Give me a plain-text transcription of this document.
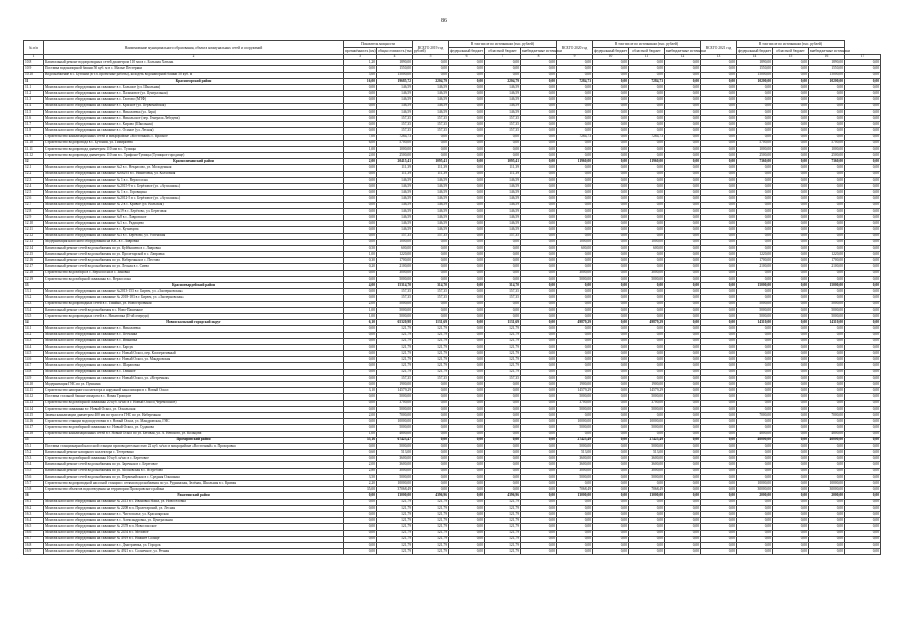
86
№ п/п	Наименование муниципального образования, объекта коммунальных сетей и сооружений	Показатель мощности		ВСЕГО 2019 год	В том числе по источникам (тыс. рублей)			ВСЕГО 2020 год	В том числе по источникам (тыс. рублей)			ВСЕГО 2021 год	В том числе по источникам (тыс. рублей)			
		протяжённость (км)	общая стоимость (тыс. рублей)		федеральный бюджет	областной бюджет	внебюджетные источники		федеральный бюджет	областной бюджет	внебюджетные источники		федеральный бюджет	областной бюджет	внебюджетные источники	

1	2	3	4	5	6	7	8	9	10	11	12	13	14	15	16	17
10.8	Капитальный ремонт водопроводных сетей диаметром 110 мм в с. Большая Хатынь	1,20	1890,00	0,00	0,00	0,00	0,00	0,00	0,00	0,00	0,00	0,00	1890,00	0,00	1890,00	0,00
10.9	Поставка водонапорной башни 50 куб. м в с. Малые Пестеряки	0,00	1550,00	0,00	0,00	0,00	0,00	0,00	0,00	0,00	0,00	0,00	1550,00	0,00	1550,00	0,00
10.10	Водоснабжение в с. Бутонии (в т.ч. проектные работы), колодезь водонапорной башни 50 куб. м	5,60	15000,00	0,00	0,00	0,00	0,00	0,00	0,00	0,00	0,00	0,00	15000,00	0,00	15000,00	0,00
11	Красногорский район	16,00	19685,72	2204,79	0,00	2204,79	0,00	7284,73	0,00	7284,73	0,00	0,00	10200,00	0,00	10200,00	0,00
11.1	Монтаж насосного оборудования на скважине в с. Большое (ул. Школьная)	0,00	146,59	146,59	0,00	146,59	0,00	0,00	0,00	0,00	0,00	0,00	0,00	0,00	0,00	0,00
11.2	Монтаж насосного оборудования на скважине в с. Пальмовое (ул. Центральная)	0,00	146,59	146,59	0,00	146,59	0,00	0,00	0,00	0,00	0,00	0,00	0,00	0,00	0,00	0,00
11.3	Монтаж насосного оборудования на скважине в с. Глотово (МТФ)	0,00	146,59	146,59	0,00	146,59	0,00	0,00	0,00	0,00	0,00	0,00	0,00	0,00	0,00	0,00
11.4	Монтаж насосного оборудования на скважине в с. Красное (ул. Первомайская)	0,00	146,59	146,59	0,00	146,59	0,00	0,00	0,00	0,00	0,00	0,00	0,00	0,00	0,00	0,00
11.5	Монтаж насосного оборудования на скважине в с. Николаевка (ул. Заря)	0,00	146,59	146,59	0,00	146,59	0,00	0,00	0,00	0,00	0,00	0,00	0,00	0,00	0,00	0,00
11.6	Монтаж насосного оборудования на скважине в с. Никольское (пер. Генерала Лебедева)	0,00	157,35	157,35	0,00	157,35	0,00	0,00	0,00	0,00	0,00	0,00	0,00	0,00	0,00	0,00
11.7	Монтаж насосного оборудования на скважине в с. Кирово (Школьная)	0,00	157,35	157,35	0,00	157,35	0,00	0,00	0,00	0,00	0,00	0,00	0,00	0,00	0,00	0,00
11.8	Монтаж насосного оборудования на скважине в с. Осиное (ул. Лесная)	0,00	157,35	157,35	0,00	157,35	0,00	0,00	0,00	0,00	0,00	0,00	0,00	0,00	0,00	0,00
11.9	Строительство канализационных сетей и микрорайоне «Восточный» с. Красное	7,00	7284,73	0,00	0,00	0,00	0,00	7284,73	0,00	7284,73	0,00	0,00	0,00	0,00	0,00	0,00
11.10	Строительство водопровода в с. Бутонии, ул. Тимирязева	6,00	5700,00	0,00	0,00	0,00	0,00	0,00	0,00	0,00	0,00	0,00	5700,00	0,00	5700,00	0,00
11.11	Строительство водопровода диаметром 110 мм в с. Тупицы	1,00	1000,00	0,00	0,00	0,00	0,00	0,00	0,00	0,00	0,00	0,00	1000,00	0,00	1000,00	0,00
11.12	Строительство водопровода диаметром 110 мм в с. Трифоно-Тупицы (Тупицкое городище)	2,00	2500,00	0,00	0,00	0,00	0,00	0,00	0,00	0,00	0,00	0,00	2500,00	0,00	2500,00	0,00
12	Краснолиманский район	2,00	20415,41	1095,41	0,00	1095,41	0,00	11960,00	0,00	11960,00	0,00	0,00	7360,00	0,00	7360,00	0,00
12.1	Монтаж насосного оборудования на скважине №2 в с. Некрасово, ул. Молодежная	0,00	111,39	111,39	0,00	111,39	0,00	0,00	0,00	0,00	0,00	0,00	0,00	0,00	0,00	0,00
12.2	Монтаж насосного оборудования на скважине №66293 в с. Никитовка, ул. Колхозная	0,00	111,39	111,39	0,00	111,39	0,00	0,00	0,00	0,00	0,00	0,00	0,00	0,00	0,00	0,00
12.3	Монтаж насосного оборудования на скважине № 1 в с. Верхососна	0,00	146,59	146,59	0,00	146,59	0,00	0,00	0,00	0,00	0,00	0,00	0,00	0,00	0,00	0,00
12.4	Монтаж насосного оборудования на скважине №2015-9 в с. Берёзовое (ул. «Ауэлашон»)	0,00	146,59	146,59	0,00	146,59	0,00	0,00	0,00	0,00	0,00	0,00	0,00	0,00	0,00	0,00
12.5	Монтаж насосного оборудования на скважине № 1 в с. Горовщина	0,00	146,59	146,59	0,00	146,59	0,00	0,00	0,00	0,00	0,00	0,00	0,00	0,00	0,00	0,00
12.6	Монтаж насосного оборудования на скважине №2012-5 в с. Берёзовое (ул. «Ауэлашон»)	0,00	146,59	146,59	0,00	146,59	0,00	0,00	0,00	0,00	0,00	0,00	0,00	0,00	0,00	0,00
12.7	Монтаж насосного оборудования на скважине № 2 в с. Кривое (ул. Вольская)	0,00	146,59	146,59	0,00	146,59	0,00	0,00	0,00	0,00	0,00	0,00	0,00	0,00	0,00	0,00
12.8	Монтаж насосного оборудования на скважине №19 в с. Берёзово, ул. Береговая	0,00	146,59	146,59	0,00	146,59	0,00	0,00	0,00	0,00	0,00	0,00	0,00	0,00	0,00	0,00
12.9	Монтаж насосного оборудования на скважине №8 в с. Лавровское	0,00	146,59	146,59	0,00	146,59	0,00	0,00	0,00	0,00	0,00	0,00	0,00	0,00	0,00	0,00
12.10	Монтаж насосного оборудования на скважине №1 в с. Радищево	0,00	146,59	146,59	0,00	146,59	0,00	0,00	0,00	0,00	0,00	0,00	0,00	0,00	0,00	0,00
12.11	Монтаж насосного оборудования на скважине в с. Кузнецова	0,00	146,59	146,59	0,00	146,59	0,00	0,00	0,00	0,00	0,00	0,00	0,00	0,00	0,00	0,00
12.12	Монтаж насосного оборудования на скважине №3 в с. Берёзово, ул. Успенская	0,00	157,35	157,35	0,00	157,35	0,00	0,00	0,00	0,00	0,00	0,00	0,00	0,00	0,00	0,00
12.13	Модернизация насосного оборудования на ВЗС в с. Лавровка	0,00	1000,00	0,00	0,00	0,00	0,00	1000,00	0,00	1000,00	0,00	0,00	0,00	0,00	0,00	0,00
12.14	Капитальный ремонт сетей водоснабжения по ул. Куйбышева в с. Лавровка	0,50	600,00	0,00	0,00	0,00	0,00	600,00	0,00	600,00	0,00	0,00	0,00	0,00	0,00	0,00
12.15	Капитальный ремонт сетей водоснабжения по ул. Пролетарской в с. Лавровка	1,00	1220,00	0,00	0,00	0,00	0,00	0,00	0,00	0,00	0,00	0,00	1220,00	0,00	1220,00	0,00
12.16	Капитальный ремонт сетей водоснабжения по ул. Набережная в с. Пестово	0,30	1700,00	0,00	0,00	0,00	0,00	0,00	0,00	0,00	0,00	0,00	1700,00	0,00	1700,00	0,00
12.17	Капитальный ремонт сетей водоснабжения по ул. Лесная в с. Сиево	0,20	2100,00	0,00	0,00	0,00	0,00	0,00	0,00	0,00	0,00	0,00	2100,00	0,00	2100,00	0,00
12.18	Строительство водозабора в с. Верхососна в с. Зиновка	0,00	3000,00	0,00	0,00	0,00	0,00	3000,00	0,00	3000,00	0,00	0,00	0,00	0,00	0,00	0,00
12.19	Строительство водозаборной скважины в с. Верхососна	0,00	5000,00	0,00	0,00	0,00	0,00	5000,00	0,00	5000,00	0,00	0,00	0,00	0,00	0,00	0,00
13	Красногвардейский район	4,00	15314,70	314,70	0,00	314,70	0,00	0,00	0,00	0,00	0,00	0,00	15000,00	0,00	15000,00	0,00
13.1	Монтаж насосного оборудования на скважине №2013-153 в г. Бирюч, ул. «Заозерновская»	0,00	157,35	157,35	0,00	157,35	0,00	0,00	0,00	0,00	0,00	0,00	0,00	0,00	0,00	0,00
13.2	Монтаж насосного оборудования на скважине № 2018-183 в г. Бирюч, ул. «Заозерновская»	0,00	157,35	157,35	0,00	157,35	0,00	0,00	0,00	0,00	0,00	0,00	0,00	0,00	0,00	0,00
13.3	Строительство водопроводных сетей в с. Тишйно, ул. Новостроенная	2,00	5000,00	0,00	0,00	0,00	0,00	0,00	0,00	0,00	0,00	0,00	5000,00	0,00	5000,00	0,00
13.4	Капитальный ремонт сетей водоснабжения в с. Ново-Пашенное	1,00	5000,00	0,00	0,00	0,00	0,00	0,00	0,00	0,00	0,00	0,00	5000,00	0,00	5000,00	0,00
13.5	Строительство водопроводных сетей в с. Никитовка (II-ой очереди)	1,00	5000,00	0,00	0,00	0,00	0,00	0,00	0,00	0,00	0,00	0,00	5000,00	0,00	5000,00	0,00
14	Новооскольский городской округ	6,10	65320,98	1131,69	0,00	1131,69	0,00	49879,29	0,00	49879,29	0,00	0,00	14310,00	0,00	14310,00	0,00
14.1	Монтаж насосного оборудования на скважине в с. Николаевка	0,00	121,79	121,79	0,00	121,79	0,00	0,00	0,00	0,00	0,00	0,00	0,00	0,00	0,00	0,00
14.2	Монтаж насосного оборудования на скважине в с. Песчанка	0,00	121,79	121,79	0,00	121,79	0,00	0,00	0,00	0,00	0,00	0,00	0,00	0,00	0,00	0,00
14.3	Монтаж насосного оборудования на скважине в с. Ивановка	0,00	121,79	121,79	0,00	121,79	0,00	0,00	0,00	0,00	0,00	0,00	0,00	0,00	0,00	0,00
14.4	Монтаж насосного оборудования на скважине в с. Барсук	0,00	121,79	121,79	0,00	121,79	0,00	0,00	0,00	0,00	0,00	0,00	0,00	0,00	0,00	0,00
14.5	Монтаж насосного оборудования на скважине в г. Новый Оскол, пер. Кооперативный	0,00	121,79	121,79	0,00	121,79	0,00	0,00	0,00	0,00	0,00	0,00	0,00	0,00	0,00	0,00
14.6	Монтаж насосного оборудования на скважине в г. Новый Оскол, ул. Мандровская	0,00	121,79	121,79	0,00	121,79	0,00	0,00	0,00	0,00	0,00	0,00	0,00	0,00	0,00	0,00
14.7	Монтаж насосного оборудования на скважине в с. Шараповка	0,00	121,79	121,79	0,00	121,79	0,00	0,00	0,00	0,00	0,00	0,00	0,00	0,00	0,00	0,00
14.8	Монтаж насосного оборудования на скважине в с. Глинное	0,00	121,79	121,79	0,00	121,79	0,00	0,00	0,00	0,00	0,00	0,00	0,00	0,00	0,00	0,00
14.9	Монтаж насосного оборудования на скважине в г. Новый Оскол, ул. «Встречная»	0,00	157,35	157,35	0,00	157,35	0,00	0,00	0,00	0,00	0,00	0,00	0,00	0,00	0,00	0,00
14.10	Модернизация ГНС по ул. Пушкина	0,00	1900,00	0,00	0,00	0,00	0,00	1900,00	0,00	1900,00	0,00	0,00	0,00	0,00	0,00	0,00
14.11	Строительство напорного коллектора и наружной канализации в г. Новый Оскол	3,10	14579,29	0,00	0,00	0,00	0,00	14579,29	0,00	14579,29	0,00	0,00	0,00	0,00	0,00	0,00
14.12	Поставка стальной башни-аппарата в с. Новая Троицкое	0,00	5000,00	0,00	0,00	0,00	0,00	5000,00	0,00	5000,00	0,00	0,00	0,00	0,00	0,00	0,00
14.13	Строительство водозаборной скважины 20 куб. м/час в г. Новый Оскол (Черемошное)	0,00	3700,00	0,00	0,00	0,00	0,00	3700,00	0,00	3700,00	0,00	0,00	0,00	0,00	0,00	0,00
14.14	Строительство скважины в г. Новый Оскол, ул. Оскольская	0,00	5000,00	0,00	0,00	0,00	0,00	5000,00	0,00	5000,00	0,00	0,00	0,00	0,00	0,00	0,00
14.15	Замена канализации диаметром 400 мм по трассе в ГНС по ул. Набережная	2,00	7000,00	0,00	0,00	0,00	0,00	0,00	0,00	0,00	0,00	0,00	7000,00	0,00	7000,00	0,00
14.16	Строительство станции водоподготовки в г. Новый Оскол, ул. Мандровская, ГНС	0,00	10000,00	0,00	0,00	0,00	0,00	10000,00	0,00	10000,00	0,00	0,00	0,00	0,00	0,00	0,00
14.17	Строительство водозаборной скважины в г. Новый Оскол, ул. Судакова	0,00	5000,00	0,00	0,00	0,00	0,00	5000,00	0,00	5000,00	0,00	0,00	0,00	0,00	0,00	0,00
14.18	Строительство канализационных сетей в г. Новый Оскол по ул. Беговая, ул. А. Невского, ул. Кольцова	1,00	4800,00	0,00	0,00	0,00	0,00	0,00	0,00	0,00	0,00	0,00	4800,00	0,00	4800,00	0,00
15	Прохоровский район	55,16	67423,47	0,00	0,00	0,00	0,00	27425,49	0,00	27425,49	0,00	0,00	40000,00	0,00	40000,00	0,00
15.1	Поставка станционарной насосной станции производительностью 22 куб. м/час в микрорайоне «Восточный» п. Прохоровка	0,00	5000,00	0,00	0,00	0,00	0,00	5000,00	0,00	5000,00	0,00	0,00	0,00	0,00	0,00	0,00
15.2	Капитальный ремонт напорного коллектора с. Тетеревино	0,60	513,00	0,00	0,00	0,00	0,00	513,00	0,00	513,00	0,00	0,00	0,00	0,00	0,00	0,00
15.3	Строительство водозаборной скважины 10 куб. м/час в с. Береговое	0,00	3600,00	0,00	0,00	0,00	0,00	3600,00	0,00	3600,00	0,00	0,00	0,00	0,00	0,00	0,00
15.4	Капитальный ремонт сетей водоснабжения по ул. Заречная в с. Береговое	2,00	3600,00	0,00	0,00	0,00	0,00	3600,00	0,00	3600,00	0,00	0,00	0,00	0,00	0,00	0,00
15.5	Капитальный ремонт сетей водоснабжения по ул. Московская в с. Ястребово	2,80	3000,00	0,00	0,00	0,00	0,00	3000,00	0,00	3000,00	0,00	0,00	0,00	0,00	0,00	0,00
15.6	Капитальный ремонт сетей водоснабжения по ул. Первомайская в с. Средняя Ольшанка	3,50	5000,00	0,00	0,00	0,00	0,00	5000,00	0,00	5000,00	0,00	0,00	0,00	0,00	0,00	0,00
15.7	Строительство водопроводной насосной станции с сетями водоснабжения по ул. Руднянская, Зелёная, Школьная в с. Кривая	2,20	10000,00	0,00	0,00	0,00	0,00	0,00	0,00	0,00	0,00	0,00	10000,00	0,00	10000,00	0,00
15.8	Строительство объектов водоотведения на территории Прохоровского района	35,00	37068,49	0,00	0,00	0,00	0,00	7068,49	0,00	7068,49	0,00	0,00	30000,00	0,00	30000,00	0,00
16	Ракитянский район	0,00	13000,00	4396,96	0,00	4396,96	0,00	13000,00	0,00	13000,00	0,00	0,00	2000,00	0,00	2000,00	0,00
16.1	Монтаж насосного оборудования на скважине № 2413 в с. Ивановка Наша, ул. Новоселовка	0,00	121,79	121,79	0,00	121,79	0,00	0,00	0,00	0,00	0,00	0,00	0,00	0,00	0,00	0,00
16.2	Монтаж насосного оборудования на скважине № 2208 в п. Пролетарский, ул. Лесная	0,00	121,79	121,79	0,00	121,79	0,00	0,00	0,00	0,00	0,00	0,00	0,00	0,00	0,00	0,00
16.3	Монтаж насосного оборудования на скважине в с. Чистополье, ул. Красноярская	0,00	121,79	121,79	0,00	121,79	0,00	0,00	0,00	0,00	0,00	0,00	0,00	0,00	0,00	0,00
16.4	Монтаж насосного оборудования на скважине в с. Александровка, ул. Центральная	0,00	121,79	121,79	0,00	121,79	0,00	0,00	0,00	0,00	0,00	0,00	0,00	0,00	0,00	0,00
16.5	Монтаж насосного оборудования на скважине № 2378 в п. Новоспасское	0,00	121,79	121,79	0,00	121,79	0,00	0,00	0,00	0,00	0,00	0,00	0,00	0,00	0,00	0,00
16.6	Монтаж насосного оборудования на скважине № 2454 в с. Меловое	0,00	121,79	121,79	0,00	121,79	0,00	0,00	0,00	0,00	0,00	0,00	0,00	0,00	0,00	0,00
16.7	Монтаж насосного оборудования на скважине № 4919 в с. Нижнее Солнце	0,00	121,79	121,79	0,00	121,79	0,00	0,00	0,00	0,00	0,00	0,00	0,00	0,00	0,00	0,00
16.8	Монтаж насосного оборудования на скважине в с. Дмитриевка, ул. Городок	0,00	121,79	121,79	0,00	121,79	0,00	0,00	0,00	0,00	0,00	0,00	0,00	0,00	0,00	0,00
16.9	Монтаж насосного оборудования на скважине № 4921 в с. Солнечное, ул. Речная	0,00	121,79	121,79	0,00	121,79	0,00	0,00	0,00	0,00	0,00	0,00	0,00	0,00	0,00	0,00
